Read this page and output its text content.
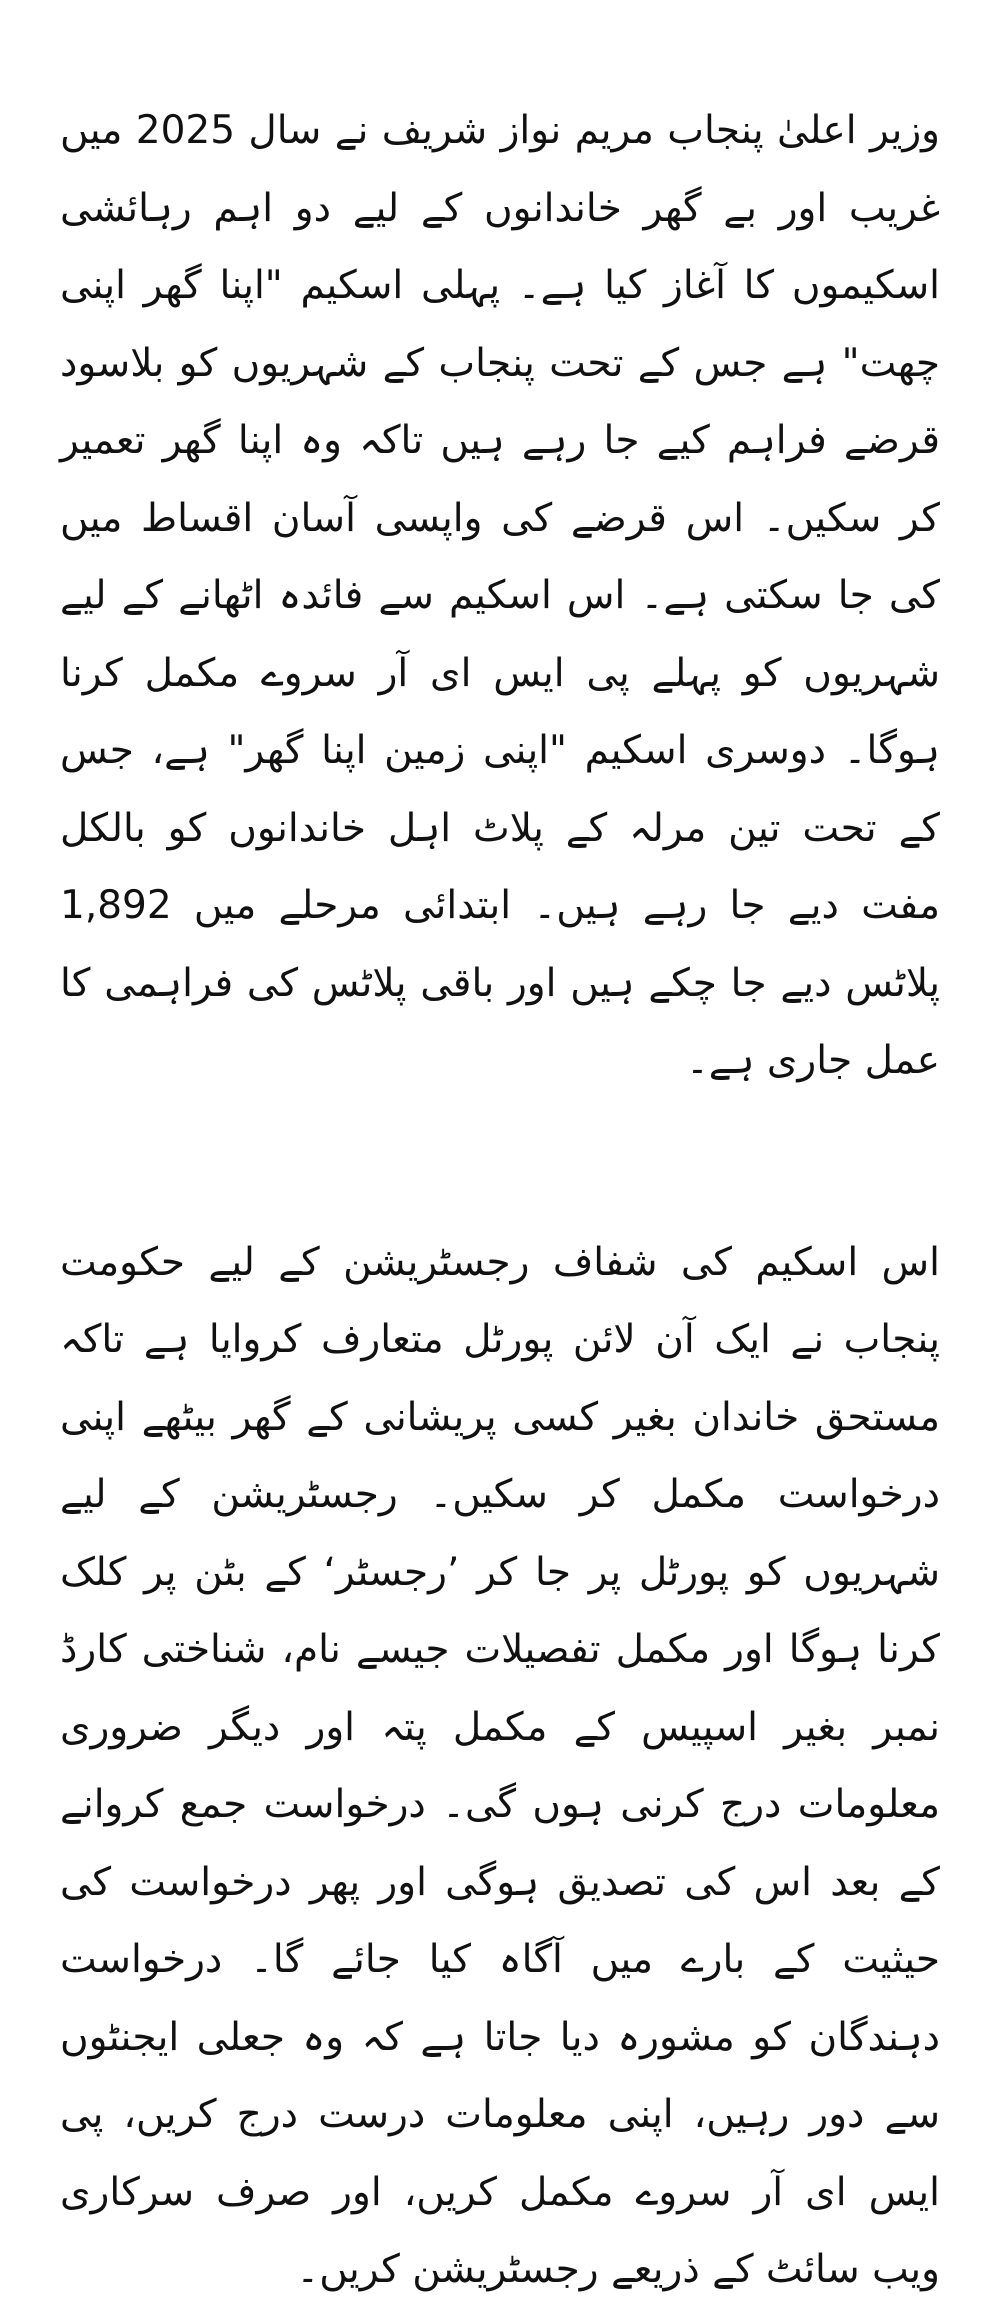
وزیر اعلیٰ پنجاب مریم نواز شریف نے سال 2025 میں غریب اور بے گھر خاندانوں کے لیے دو اہم رہائشی اسکیموں کا آغاز کیا ہے۔ پہلی اسکیم "اپنا گھر اپنی چھت" ہے جس کے تحت پنجاب کے شہریوں کو بلاسود قرضے فراہم کیے جا رہے ہیں تاکہ وہ اپنا گھر تعمیر کر سکیں۔ اس قرضے کی واپسی آسان اقساط میں کی جا سکتی ہے۔ اس اسکیم سے فائدہ اٹھانے کے لیے شہریوں کو پہلے پی ایس ای آر سروے مکمل کرنا ہوگا۔ دوسری اسکیم "اپنی زمین اپنا گھر" ہے، جس کے تحت تین مرلہ کے پلاٹ اہل خاندانوں کو بالکل مفت دیے جا رہے ہیں۔ ابتدائی مرحلے میں 1,892 پلاٹس دیے جا چکے ہیں اور باقی پلاٹس کی فراہمی کا عمل جاری ہے۔

اس اسکیم کی شفاف رجسٹریشن کے لیے حکومت پنجاب نے ایک آن لائن پورٹل متعارف کروایا ہے تاکہ مستحق خاندان بغیر کسی پریشانی کے گھر بیٹھے اپنی درخواست مکمل کر سکیں۔ رجسٹریشن کے لیے شہریوں کو پورٹل پر جا کر ’رجسٹر‘ کے بٹن پر کلک کرنا ہوگا اور مکمل تفصیلات جیسے نام، شناختی کارڈ نمبر بغیر اسپیس کے مکمل پتہ اور دیگر ضروری معلومات درج کرنی ہوں گی۔ درخواست جمع کروانے کے بعد اس کی تصدیق ہوگی اور پھر درخواست کی حیثیت کے بارے میں آگاہ کیا جائے گا۔ درخواست دہندگان کو مشورہ دیا جاتا ہے کہ وہ جعلی ایجنٹوں سے دور رہیں، اپنی معلومات درست درج کریں، پی ایس ای آر سروے مکمل کریں، اور صرف سرکاری ویب سائٹ کے ذریعے رجسٹریشن کریں۔
